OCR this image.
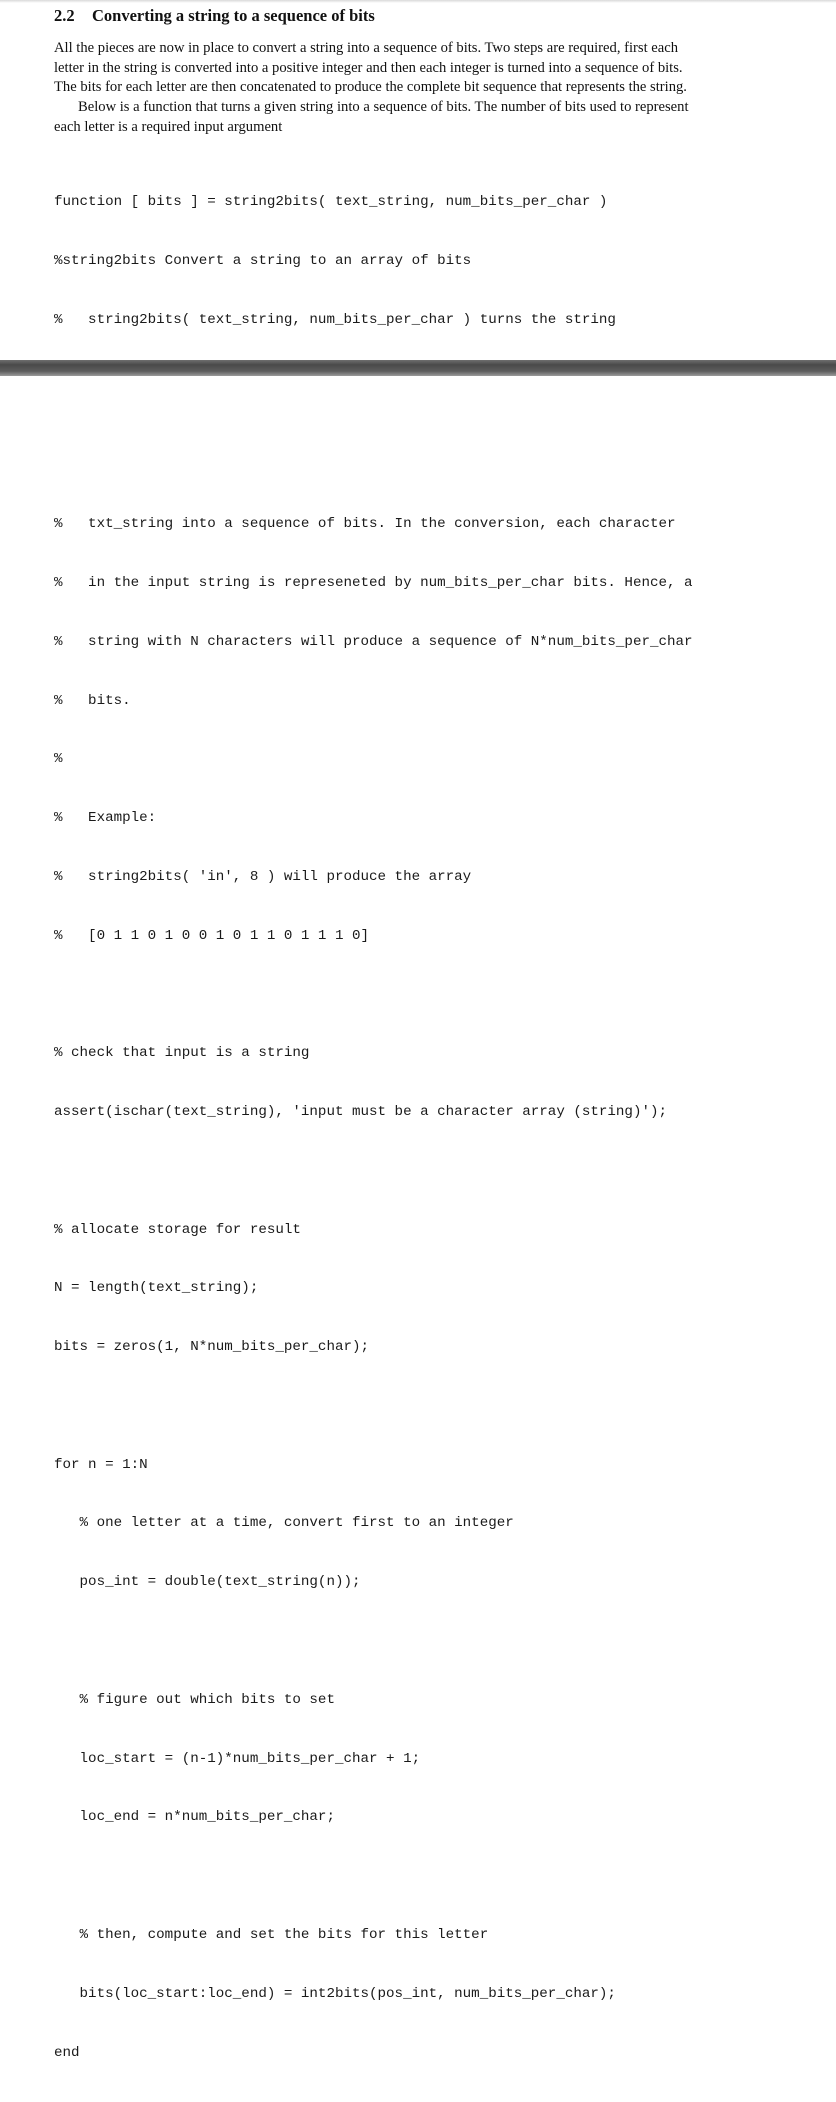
2.2 Converting a string to a sequence of bits
All the pieces are now in place to convert a string into a sequence of bits. Two steps are required, first each
letter in the string is converted into a positive integer and then each integer is turned into a sequence of bits.
The bits for each letter are then concatenated to produce the complete bit sequence that represents the string.
Below is a function that turns a given string into a sequence of bits. The number of bits used to represent
each letter is a required input argument

function [ bits ] = string2bits( text_string, num_bits_per_char )

%string2bits Convert a string to an array of bits

%   string2bits( text_string, num_bits_per_char ) turns the string

%   txt_string into a sequence of bits. In the conversion, each character

%   in the input string is represeneted by num_bits_per_char bits. Hence, a

%   string with N characters will produce a sequence of N*num_bits_per_char

%   bits.

%

%   Example:

%   string2bits( 'in', 8 ) will produce the array

%   [0 1 1 0 1 0 0 1 0 1 1 0 1 1 1 0]

% check that input is a string

assert(ischar(text_string), 'input must be a character array (string)');

% allocate storage for result

N = length(text_string);

bits = zeros(1, N*num_bits_per_char);

for n = 1:N

% one letter at a time, convert first to an integer

pos_int = double(text_string(n));

% figure out which bits to set

loc_start = (n-1)*num_bits_per_char + 1;

loc_end = n*num_bits_per_char;

% then, compute and set the bits for this letter

bits(loc_start:loc_end) = int2bits(pos_int, num_bits_per_char);

end
